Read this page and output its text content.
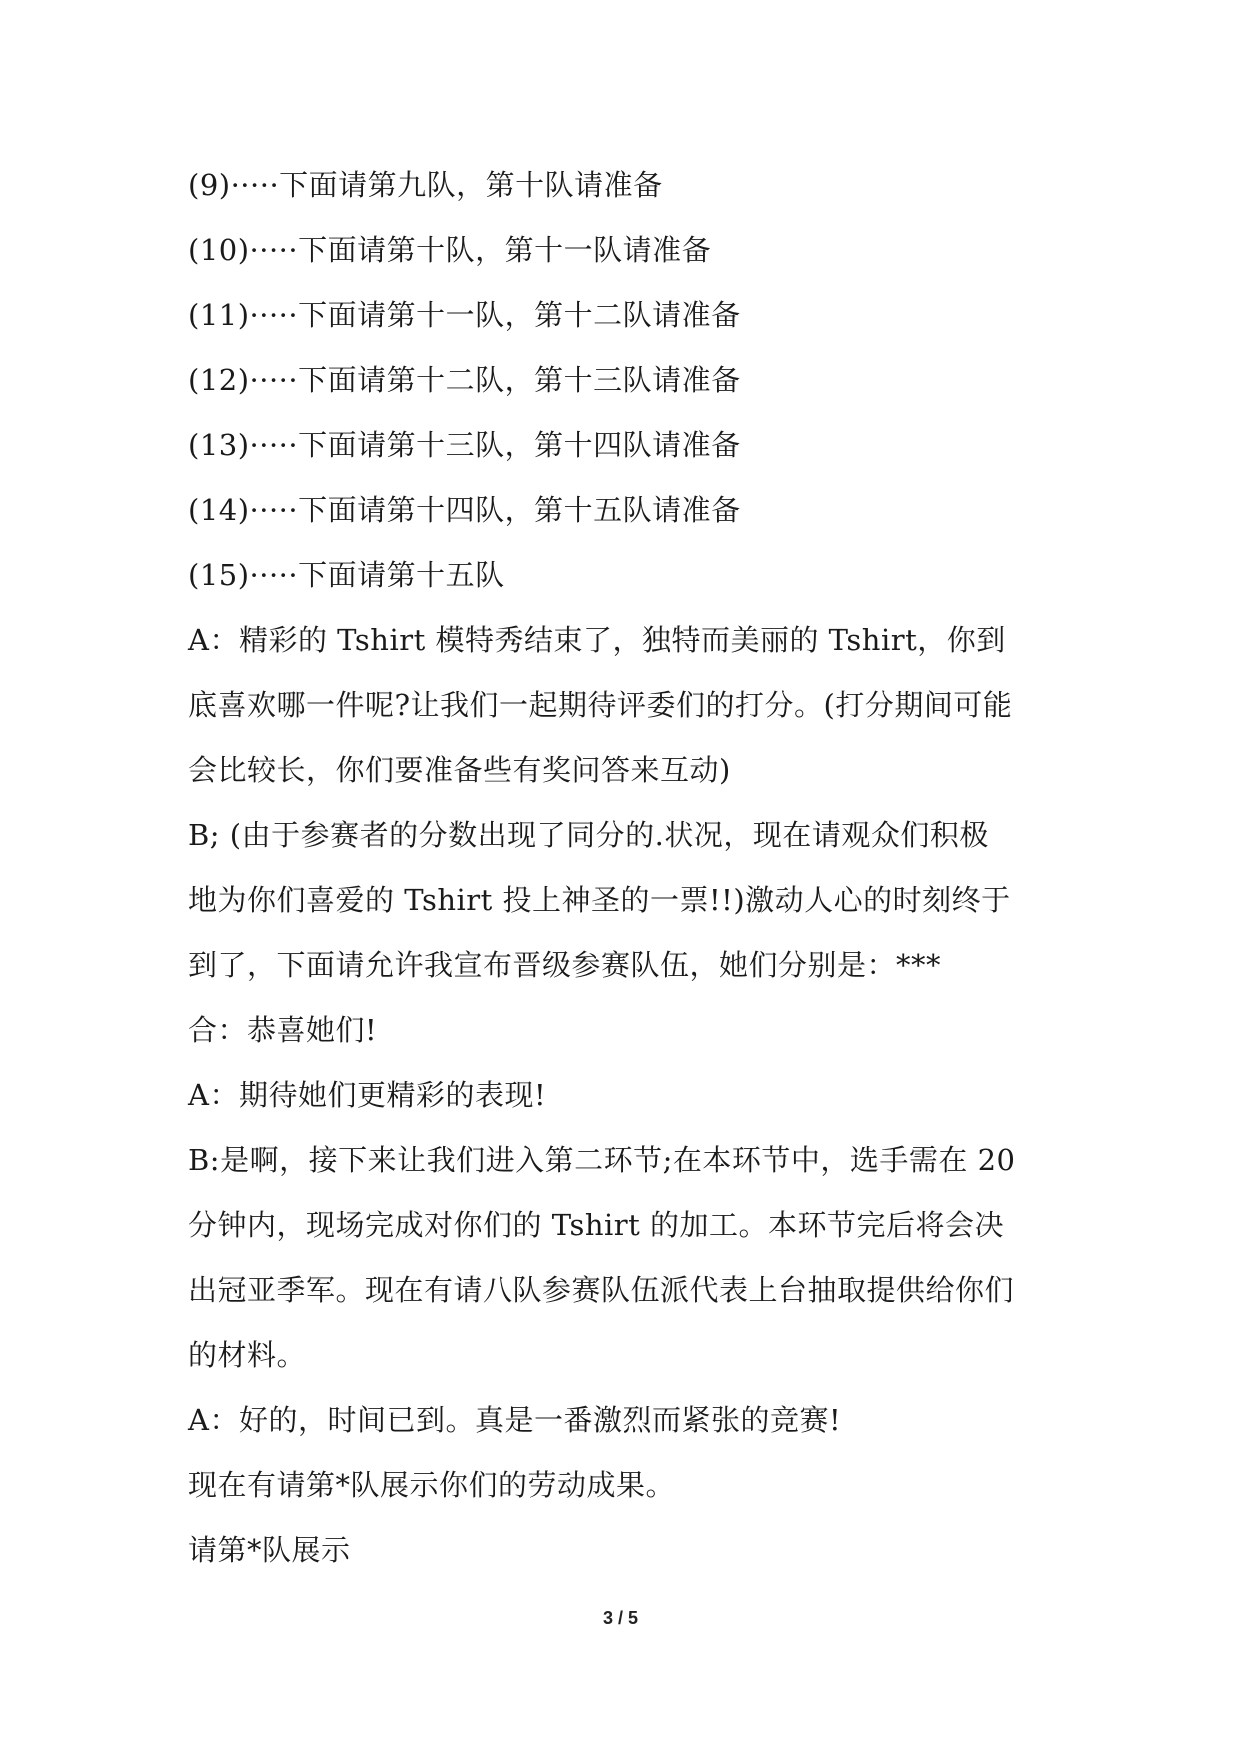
(9)·····下面请第九队，第十队请准备
(10)·····下面请第十队，第十一队请准备
(11)·····下面请第十一队，第十二队请准备
(12)·····下面请第十二队，第十三队请准备
(13)·····下面请第十三队，第十四队请准备
(14)·····下面请第十四队，第十五队请准备
(15)·····下面请第十五队
A：精彩的 Tshirt 模特秀结束了，独特而美丽的 Tshirt，你到
底喜欢哪一件呢?让我们一起期待评委们的打分。(打分期间可能
会比较长，你们要准备些有奖问答来互动)
B; (由于参赛者的分数出现了同分的.状况，现在请观众们积极
地为你们喜爱的 Tshirt 投上神圣的一票!!)激动人心的时刻终于
到了，下面请允许我宣布晋级参赛队伍，她们分别是：***
合：恭喜她们!
A：期待她们更精彩的表现!
B:是啊，接下来让我们进入第二环节;在本环节中，选手需在 20
分钟内，现场完成对你们的 Tshirt 的加工。本环节完后将会决
出冠亚季军。现在有请八队参赛队伍派代表上台抽取提供给你们
的材料。
A：好的，时间已到。真是一番激烈而紧张的竞赛!
现在有请第*队展示你们的劳动成果。
请第*队展示
3 / 5
